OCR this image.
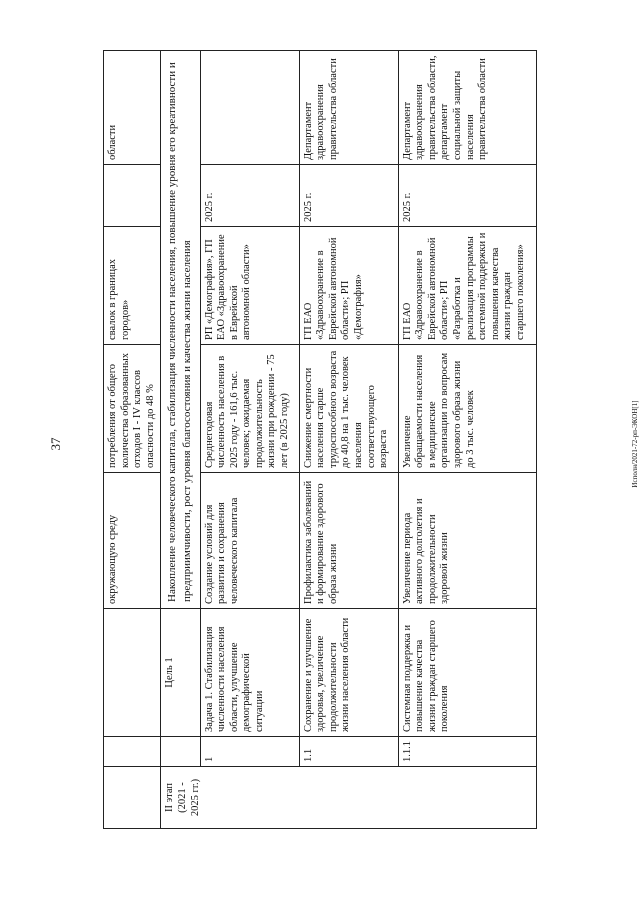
37	Исполн/2021-72-рп-ЭКОН[1]
			окружающую среду	потребления от общего количества образованных отходов I - IV классов опасности до 48 %	свалок в границах городов»		области
II этап (2021 - 2025 гг.)		Цель 1	Накопление человеческого капитала, стабилизация численности населения, повышение уровня его креативности и предприимчивости, рост уровня благосостояния и качества жизни населения				
	1	Задача 1. Стабилизация численности населения области, улучшение демографической ситуации	Создание условий для развития и сохранения человеческого капитала	Среднегодовая численность населения в 2025 году - 161,6 тыс. человек; ожидаемая продолжительность жизни при рождении - 75 лет (в 2025 году)	РП «Демография», ГП ЕАО «Здравоохранение в Еврейской автономной области»	2025 г.	
	1.1	Сохранение и улучшение здоровья, увеличение продолжительности жизни населения области	Профилактика заболеваний и формирование здорового образа жизни	Снижение смертности населения старше трудоспособного возраста до 40,8 на 1 тыс. человек населения соответствующего возраста	ГП ЕАО «Здравоохранение в Еврейской автономной области»; РП «Демография»	2025 г.	Департамент здравоохранения правительства области
	1.1.1	Системная поддержка и повышение качества жизни граждан старшего поколения	Увеличение периода активного долголетия и продолжительности здоровой жизни	Увеличение обращаемости населения в медицинские организации по вопросам здорового образа жизни до 3 тыс. человек	ГП ЕАО «Здравоохранение в Еврейской автономной области»; РП «Разработка и реализация программы системной поддержки и повышения качества жизни граждан старшего поколения»	2025 г.	Департамент здравоохранения правительства области, департамент социальной защиты населения правительства области
